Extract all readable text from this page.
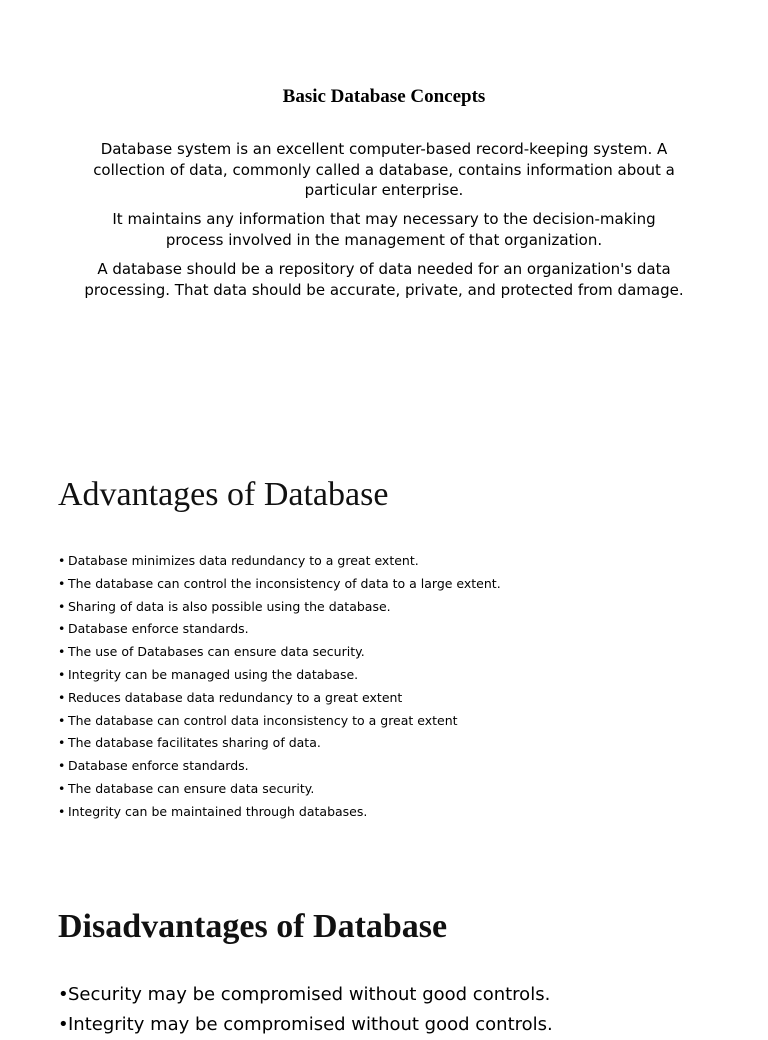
Basic Database Concepts

Database system is an excellent computer-based record-keeping system. A collection of data, commonly called a database, contains information about a particular enterprise.

It maintains any information that may necessary to the decision-making process involved in the management of that organization.

A database should be a repository of data needed for an organization's data processing. That data should be accurate, private, and protected from damage.

Advantages of Database
• Database minimizes data redundancy to a great extent.
• The database can control the inconsistency of data to a large extent.
• Sharing of data is also possible using the database.
• Database enforce standards.
• The use of Databases can ensure data security.
• Integrity can be managed using the database.
• Reduces database data redundancy to a great extent
• The database can control data inconsistency to a great extent
• The database facilitates sharing of data.
• Database enforce standards.
• The database can ensure data security.
• Integrity can be maintained through databases.
Disadvantages of Database
•Security may be compromised without good controls.
•Integrity may be compromised without good controls.
